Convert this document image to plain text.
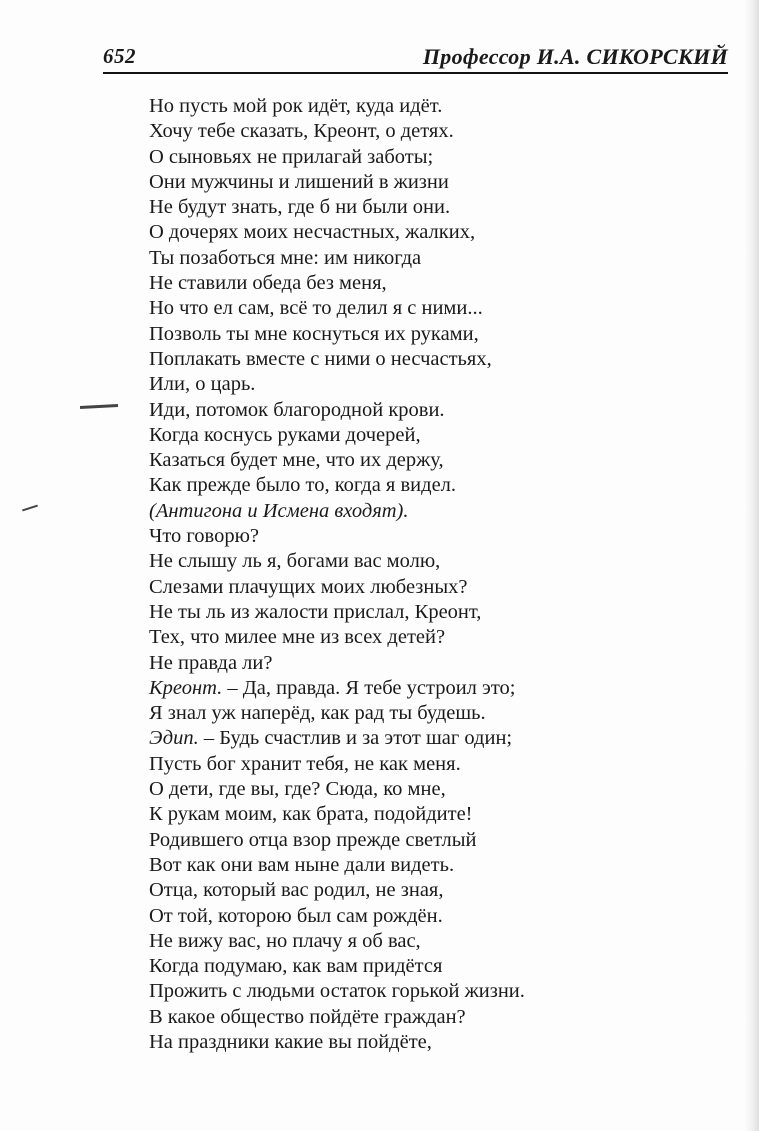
652	Профессор И.А. СИКОРСКИЙ
Но пусть мой рок идёт, куда идёт.
Хочу тебе сказать, Креонт, о детях.
О сыновьях не прилагай заботы;
Они мужчины и лишений в жизни
Не будут знать, где б ни были они.
О дочерях моих несчастных, жалких,
Ты позаботься мне: им никогда
Не ставили обеда без меня,
Но что ел сам, всё то делил я с ними...
Позволь ты мне коснуться их руками,
Поплакать вместе с ними о несчастьях,
Или, о царь.
Иди, потомок благородной крови.
Когда коснусь руками дочерей,
Казаться будет мне, что их держу,
Как прежде было то, когда я видел.
(Антигона и Исмена входят).
Что говорю?
Не слышу ль я, богами вас молю,
Слезами плачущих моих любезных?
Не ты ль из жалости прислал, Креонт,
Тех, что милее мне из всех детей?
Не правда ли?
Креонт. – Да, правда. Я тебе устроил это;
Я знал уж наперёд, как рад ты будешь.
Эдип. – Будь счастлив и за этот шаг один;
Пусть бог хранит тебя, не как меня.
О дети, где вы, где? Сюда, ко мне,
К рукам моим, как брата, подойдите!
Родившего отца взор прежде светлый
Вот как они вам ныне дали видеть.
Отца, который вас родил, не зная,
От той, которою был сам рождён.
Не вижу вас, но плачу я об вас,
Когда подумаю, как вам придётся
Прожить с людьми остаток горькой жизни.
В какое общество пойдёте граждан?
На праздники какие вы пойдёте,
